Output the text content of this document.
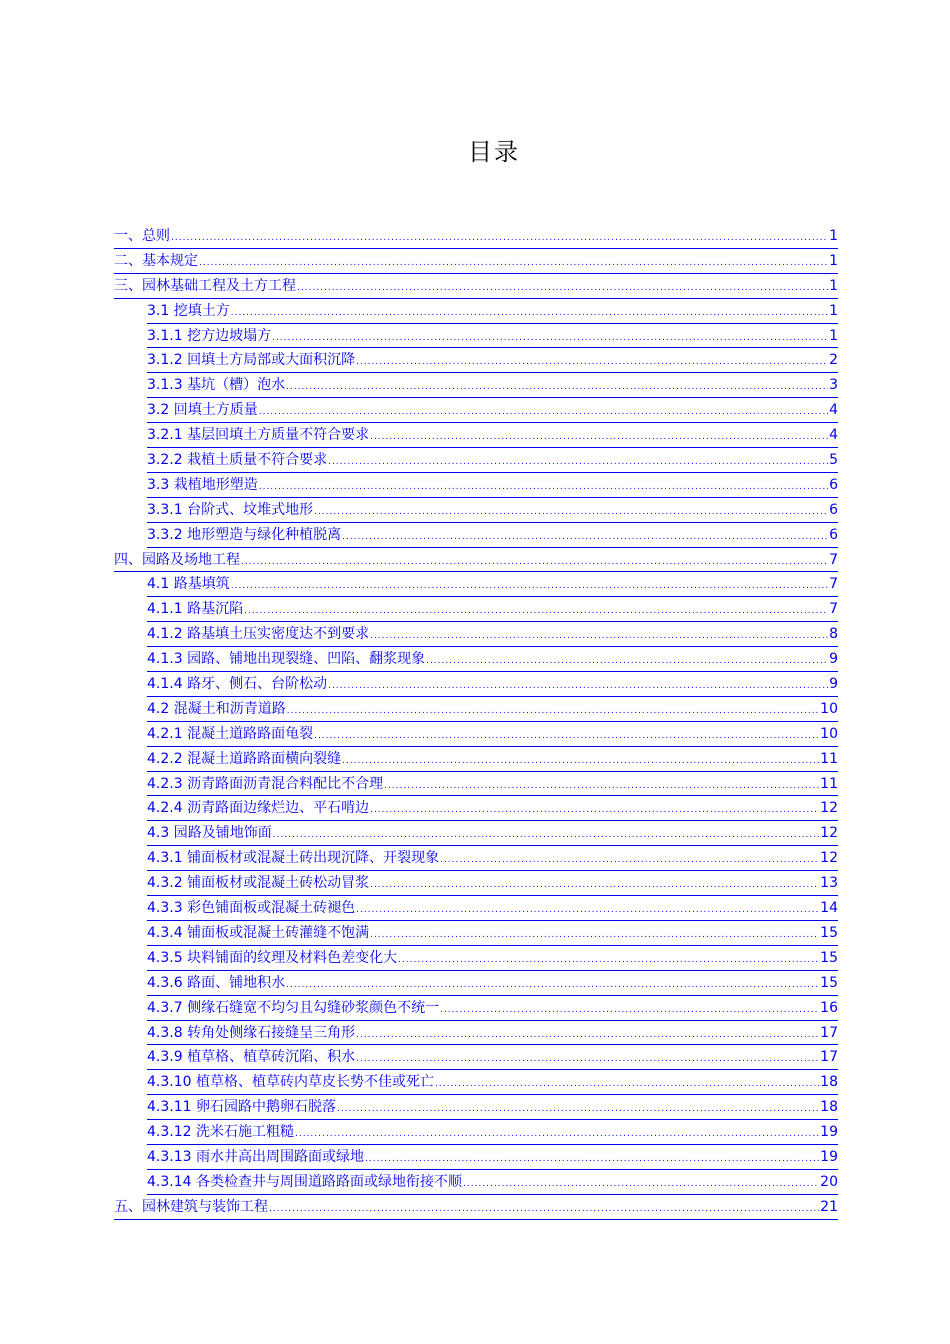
目录
一、总则 .....	1
二、基本规定 .....	1
三、园林基础工程及土方工程 .....	1
3.1 挖填土方 .....	1
3.1.1 挖方边坡塌方 .....	1
3.1.2 回填土方局部或大面积沉降 .....	2
3.1.3 基坑（槽）泡水 .....	3
3.2 回填土方质量 .....	4
3.2.1 基层回填土方质量不符合要求 .....	4
3.2.2 栽植土质量不符合要求 .....	5
3.3 栽植地形塑造 .....	6
3.3.1 台阶式、坟堆式地形 .....	6
3.3.2 地形塑造与绿化种植脱离 .....	6
四、园路及场地工程 .....	7
4.1 路基填筑 .....	7
4.1.1 路基沉陷 .....	7
4.1.2 路基填土压实密度达不到要求 .....	8
4.1.3 园路、铺地出现裂缝、凹陷、翻浆现象 .....	9
4.1.4 路牙、侧石、台阶松动 .....	9
4.2 混凝土和沥青道路 .....	10
4.2.1 混凝土道路路面龟裂 .....	10
4.2.2 混凝土道路路面横向裂缝 .....	11
4.2.3 沥青路面沥青混合料配比不合理 .....	11
4.2.4 沥青路面边缘烂边、平石啃边 .....	12
4.3 园路及铺地饰面 .....	12
4.3.1 铺面板材或混凝土砖出现沉降、开裂现象 .....	12
4.3.2 铺面板材或混凝土砖松动冒浆 .....	13
4.3.3 彩色铺面板或混凝土砖褪色 .....	14
4.3.4 铺面板或混凝土砖灌缝不饱满 .....	15
4.3.5 块料铺面的纹理及材料色差变化大 .....	15
4.3.6 路面、铺地积水 .....	15
4.3.7 侧缘石缝宽不均匀且勾缝砂浆颜色不统一 .....	16
4.3.8 转角处侧缘石接缝呈三角形 .....	17
4.3.9 植草格、植草砖沉陷、积水 .....	17
4.3.10 植草格、植草砖内草皮长势不佳或死亡 .....	18
4.3.11 卵石园路中鹅卵石脱落 .....	18
4.3.12 洗米石施工粗糙 .....	19
4.3.13 雨水井高出周围路面或绿地 .....	19
4.3.14 各类检查井与周围道路路面或绿地衔接不顺 .....	20
五、园林建筑与装饰工程 .....	21
